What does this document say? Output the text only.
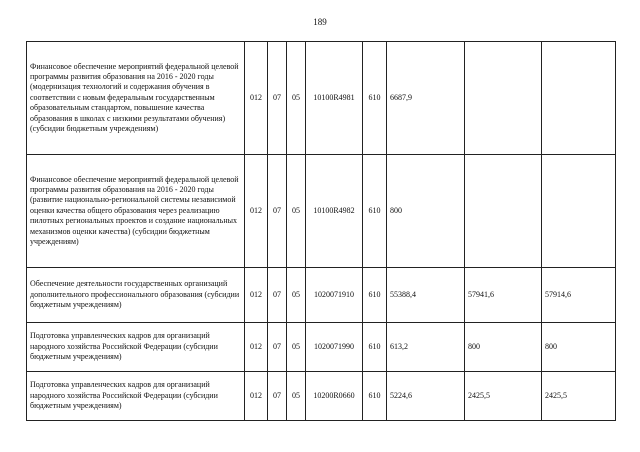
189
Финансовое обеспечение мероприятий федеральной целевой программы развития образования на 2016 - 2020 годы (модернизация технологий и содержания обучения в соответствии с новым федеральным государственным образовательным стандартом, повышение качества образования в школах с низкими результатами обучения) (субсидии бюджетным учреждениям)	012	07	05	10100R4981	610	6687,9		
Финансовое обеспечение мероприятий федеральной целевой программы развития образования на 2016 - 2020 годы (развитие национально-региональной системы независимой оценки качества общего образования через реализацию пилотных региональных проектов и создание национальных механизмов оценки качества) (субсидии бюджетным учреждениям)	012	07	05	10100R4982	610	800		
Обеспечение деятельности государственных организаций дополнительного профессионального образования (субсидии бюджетным учреждениям)	012	07	05	1020071910	610	55388,4	57941,6	57914,6
Подготовка управленческих кадров для организаций народного хозяйства Российской Федерации (субсидии бюджетным учреждениям)	012	07	05	1020071990	610	613,2	800	800
Подготовка управленческих кадров для организаций народного хозяйства Российской Федерации (субсидии бюджетным учреждениям)	012	07	05	10200R0660	610	5224,6	2425,5	2425,5
